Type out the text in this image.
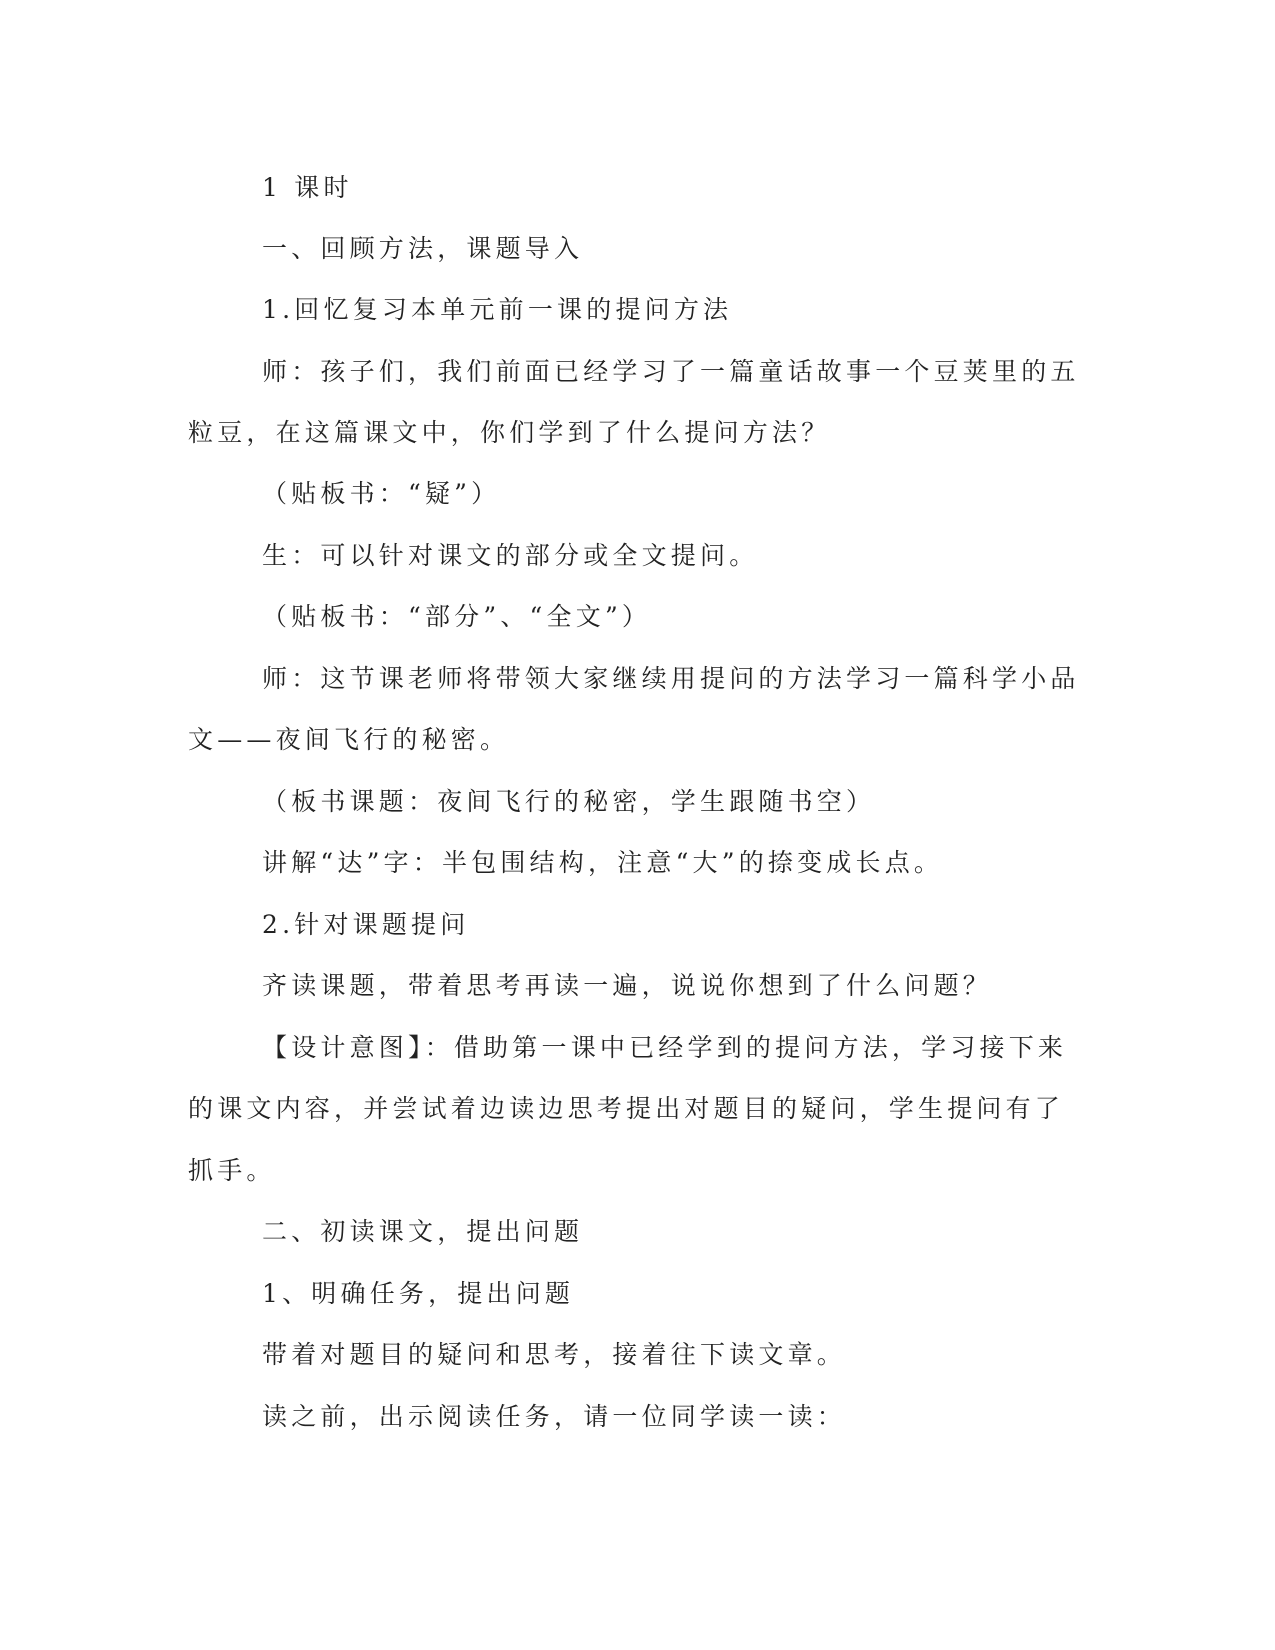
1 课时
一、回顾方法，课题导入
1.回忆复习本单元前一课的提问方法
师：孩子们，我们前面已经学习了一篇童话故事一个豆荚里的五
粒豆，在这篇课文中，你们学到了什么提问方法？
（贴板书：“疑”）
生：可以针对课文的部分或全文提问。
（贴板书：“部分”、“全文”）
师：这节课老师将带领大家继续用提问的方法学习一篇科学小品
文——夜间飞行的秘密。
（板书课题：夜间飞行的秘密，学生跟随书空）
讲解“达”字：半包围结构，注意“大”的捺变成长点。
2.针对课题提问
齐读课题，带着思考再读一遍，说说你想到了什么问题？
【设计意图】：借助第一课中已经学到的提问方法，学习接下来
的课文内容，并尝试着边读边思考提出对题目的疑问，学生提问有了
抓手。
二、初读课文，提出问题
1、明确任务，提出问题
带着对题目的疑问和思考，接着往下读文章。
读之前，出示阅读任务，请一位同学读一读：
